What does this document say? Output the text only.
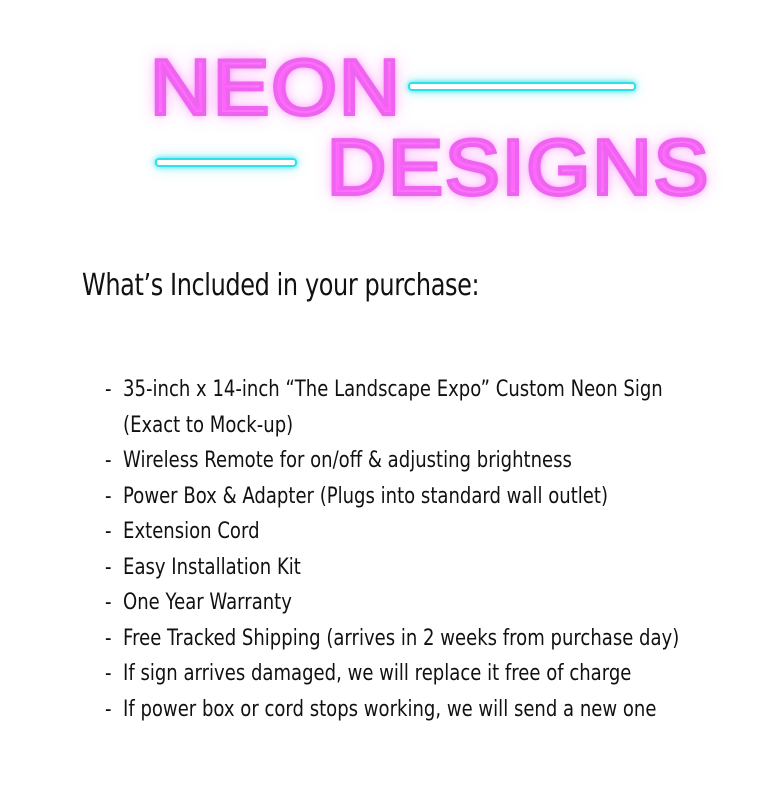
NEON
DESIGNS
What’s Included in your purchase:
- 35-inch x 14-inch “The Landscape Expo” Custom Neon Sign
(Exact to Mock-up)
- Wireless Remote for on/off & adjusting brightness
- Power Box & Adapter (Plugs into standard wall outlet)
- Extension Cord
- Easy Installation Kit
- One Year Warranty
- Free Tracked Shipping (arrives in 2 weeks from purchase day)
- If sign arrives damaged, we will replace it free of charge
- If power box or cord stops working, we will send a new one
